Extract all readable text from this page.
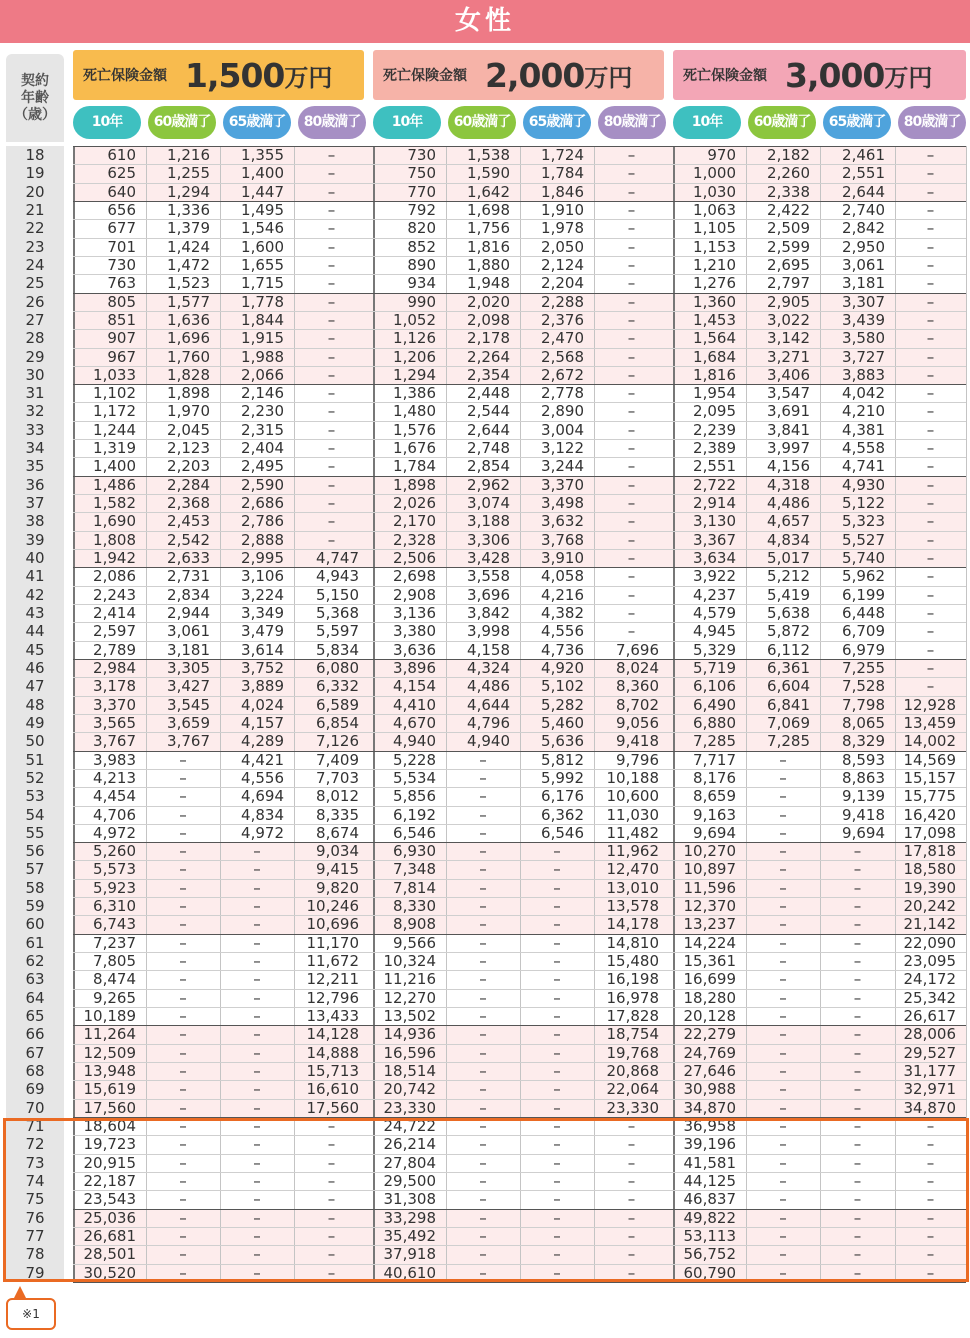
女性
契約
年齢
（歳）
死亡保険金額 1,500 万円	死亡保険金額 2,000 万円	死亡保険金額 3,000 万円
10年	60歳満了	65歳満了	80歳満了	10年	60歳満了	65歳満了	80歳満了	10年	60歳満了	65歳満了	80歳満了
18	610	1,216	1,355	–	730	1,538	1,724	–	970	2,182	2,461	–
19	625	1,255	1,400	–	750	1,590	1,784	–	1,000	2,260	2,551	–
20	640	1,294	1,447	–	770	1,642	1,846	–	1,030	2,338	2,644	–
21	656	1,336	1,495	–	792	1,698	1,910	–	1,063	2,422	2,740	–
22	677	1,379	1,546	–	820	1,756	1,978	–	1,105	2,509	2,842	–
23	701	1,424	1,600	–	852	1,816	2,050	–	1,153	2,599	2,950	–
24	730	1,472	1,655	–	890	1,880	2,124	–	1,210	2,695	3,061	–
25	763	1,523	1,715	–	934	1,948	2,204	–	1,276	2,797	3,181	–
26	805	1,577	1,778	–	990	2,020	2,288	–	1,360	2,905	3,307	–
27	851	1,636	1,844	–	1,052	2,098	2,376	–	1,453	3,022	3,439	–
28	907	1,696	1,915	–	1,126	2,178	2,470	–	1,564	3,142	3,580	–
29	967	1,760	1,988	–	1,206	2,264	2,568	–	1,684	3,271	3,727	–
30	1,033	1,828	2,066	–	1,294	2,354	2,672	–	1,816	3,406	3,883	–
31	1,102	1,898	2,146	–	1,386	2,448	2,778	–	1,954	3,547	4,042	–
32	1,172	1,970	2,230	–	1,480	2,544	2,890	–	2,095	3,691	4,210	–
33	1,244	2,045	2,315	–	1,576	2,644	3,004	–	2,239	3,841	4,381	–
34	1,319	2,123	2,404	–	1,676	2,748	3,122	–	2,389	3,997	4,558	–
35	1,400	2,203	2,495	–	1,784	2,854	3,244	–	2,551	4,156	4,741	–
36	1,486	2,284	2,590	–	1,898	2,962	3,370	–	2,722	4,318	4,930	–
37	1,582	2,368	2,686	–	2,026	3,074	3,498	–	2,914	4,486	5,122	–
38	1,690	2,453	2,786	–	2,170	3,188	3,632	–	3,130	4,657	5,323	–
39	1,808	2,542	2,888	–	2,328	3,306	3,768	–	3,367	4,834	5,527	–
40	1,942	2,633	2,995	4,747	2,506	3,428	3,910	–	3,634	5,017	5,740	–
41	2,086	2,731	3,106	4,943	2,698	3,558	4,058	–	3,922	5,212	5,962	–
42	2,243	2,834	3,224	5,150	2,908	3,696	4,216	–	4,237	5,419	6,199	–
43	2,414	2,944	3,349	5,368	3,136	3,842	4,382	–	4,579	5,638	6,448	–
44	2,597	3,061	3,479	5,597	3,380	3,998	4,556	–	4,945	5,872	6,709	–
45	2,789	3,181	3,614	5,834	3,636	4,158	4,736	7,696	5,329	6,112	6,979	–
46	2,984	3,305	3,752	6,080	3,896	4,324	4,920	8,024	5,719	6,361	7,255	–
47	3,178	3,427	3,889	6,332	4,154	4,486	5,102	8,360	6,106	6,604	7,528	–
48	3,370	3,545	4,024	6,589	4,410	4,644	5,282	8,702	6,490	6,841	7,798	12,928
49	3,565	3,659	4,157	6,854	4,670	4,796	5,460	9,056	6,880	7,069	8,065	13,459
50	3,767	3,767	4,289	7,126	4,940	4,940	5,636	9,418	7,285	7,285	8,329	14,002
51	3,983	–	4,421	7,409	5,228	–	5,812	9,796	7,717	–	8,593	14,569
52	4,213	–	4,556	7,703	5,534	–	5,992	10,188	8,176	–	8,863	15,157
53	4,454	–	4,694	8,012	5,856	–	6,176	10,600	8,659	–	9,139	15,775
54	4,706	–	4,834	8,335	6,192	–	6,362	11,030	9,163	–	9,418	16,420
55	4,972	–	4,972	8,674	6,546	–	6,546	11,482	9,694	–	9,694	17,098
56	5,260	–	–	9,034	6,930	–	–	11,962	10,270	–	–	17,818
57	5,573	–	–	9,415	7,348	–	–	12,470	10,897	–	–	18,580
58	5,923	–	–	9,820	7,814	–	–	13,010	11,596	–	–	19,390
59	6,310	–	–	10,246	8,330	–	–	13,578	12,370	–	–	20,242
60	6,743	–	–	10,696	8,908	–	–	14,178	13,237	–	–	21,142
61	7,237	–	–	11,170	9,566	–	–	14,810	14,224	–	–	22,090
62	7,805	–	–	11,672	10,324	–	–	15,480	15,361	–	–	23,095
63	8,474	–	–	12,211	11,216	–	–	16,198	16,699	–	–	24,172
64	9,265	–	–	12,796	12,270	–	–	16,978	18,280	–	–	25,342
65	10,189	–	–	13,433	13,502	–	–	17,828	20,128	–	–	26,617
66	11,264	–	–	14,128	14,936	–	–	18,754	22,279	–	–	28,006
67	12,509	–	–	14,888	16,596	–	–	19,768	24,769	–	–	29,527
68	13,948	–	–	15,713	18,514	–	–	20,868	27,646	–	–	31,177
69	15,619	–	–	16,610	20,742	–	–	22,064	30,988	–	–	32,971
70	17,560	–	–	17,560	23,330	–	–	23,330	34,870	–	–	34,870
71	18,604	–	–	–	24,722	–	–	–	36,958	–	–	–
72	19,723	–	–	–	26,214	–	–	–	39,196	–	–	–
73	20,915	–	–	–	27,804	–	–	–	41,581	–	–	–
74	22,187	–	–	–	29,500	–	–	–	44,125	–	–	–
75	23,543	–	–	–	31,308	–	–	–	46,837	–	–	–
76	25,036	–	–	–	33,298	–	–	–	49,822	–	–	–
77	26,681	–	–	–	35,492	–	–	–	53,113	–	–	–
78	28,501	–	–	–	37,918	–	–	–	56,752	–	–	–
79	30,520	–	–	–	40,610	–	–	–	60,790	–	–	–
※1
